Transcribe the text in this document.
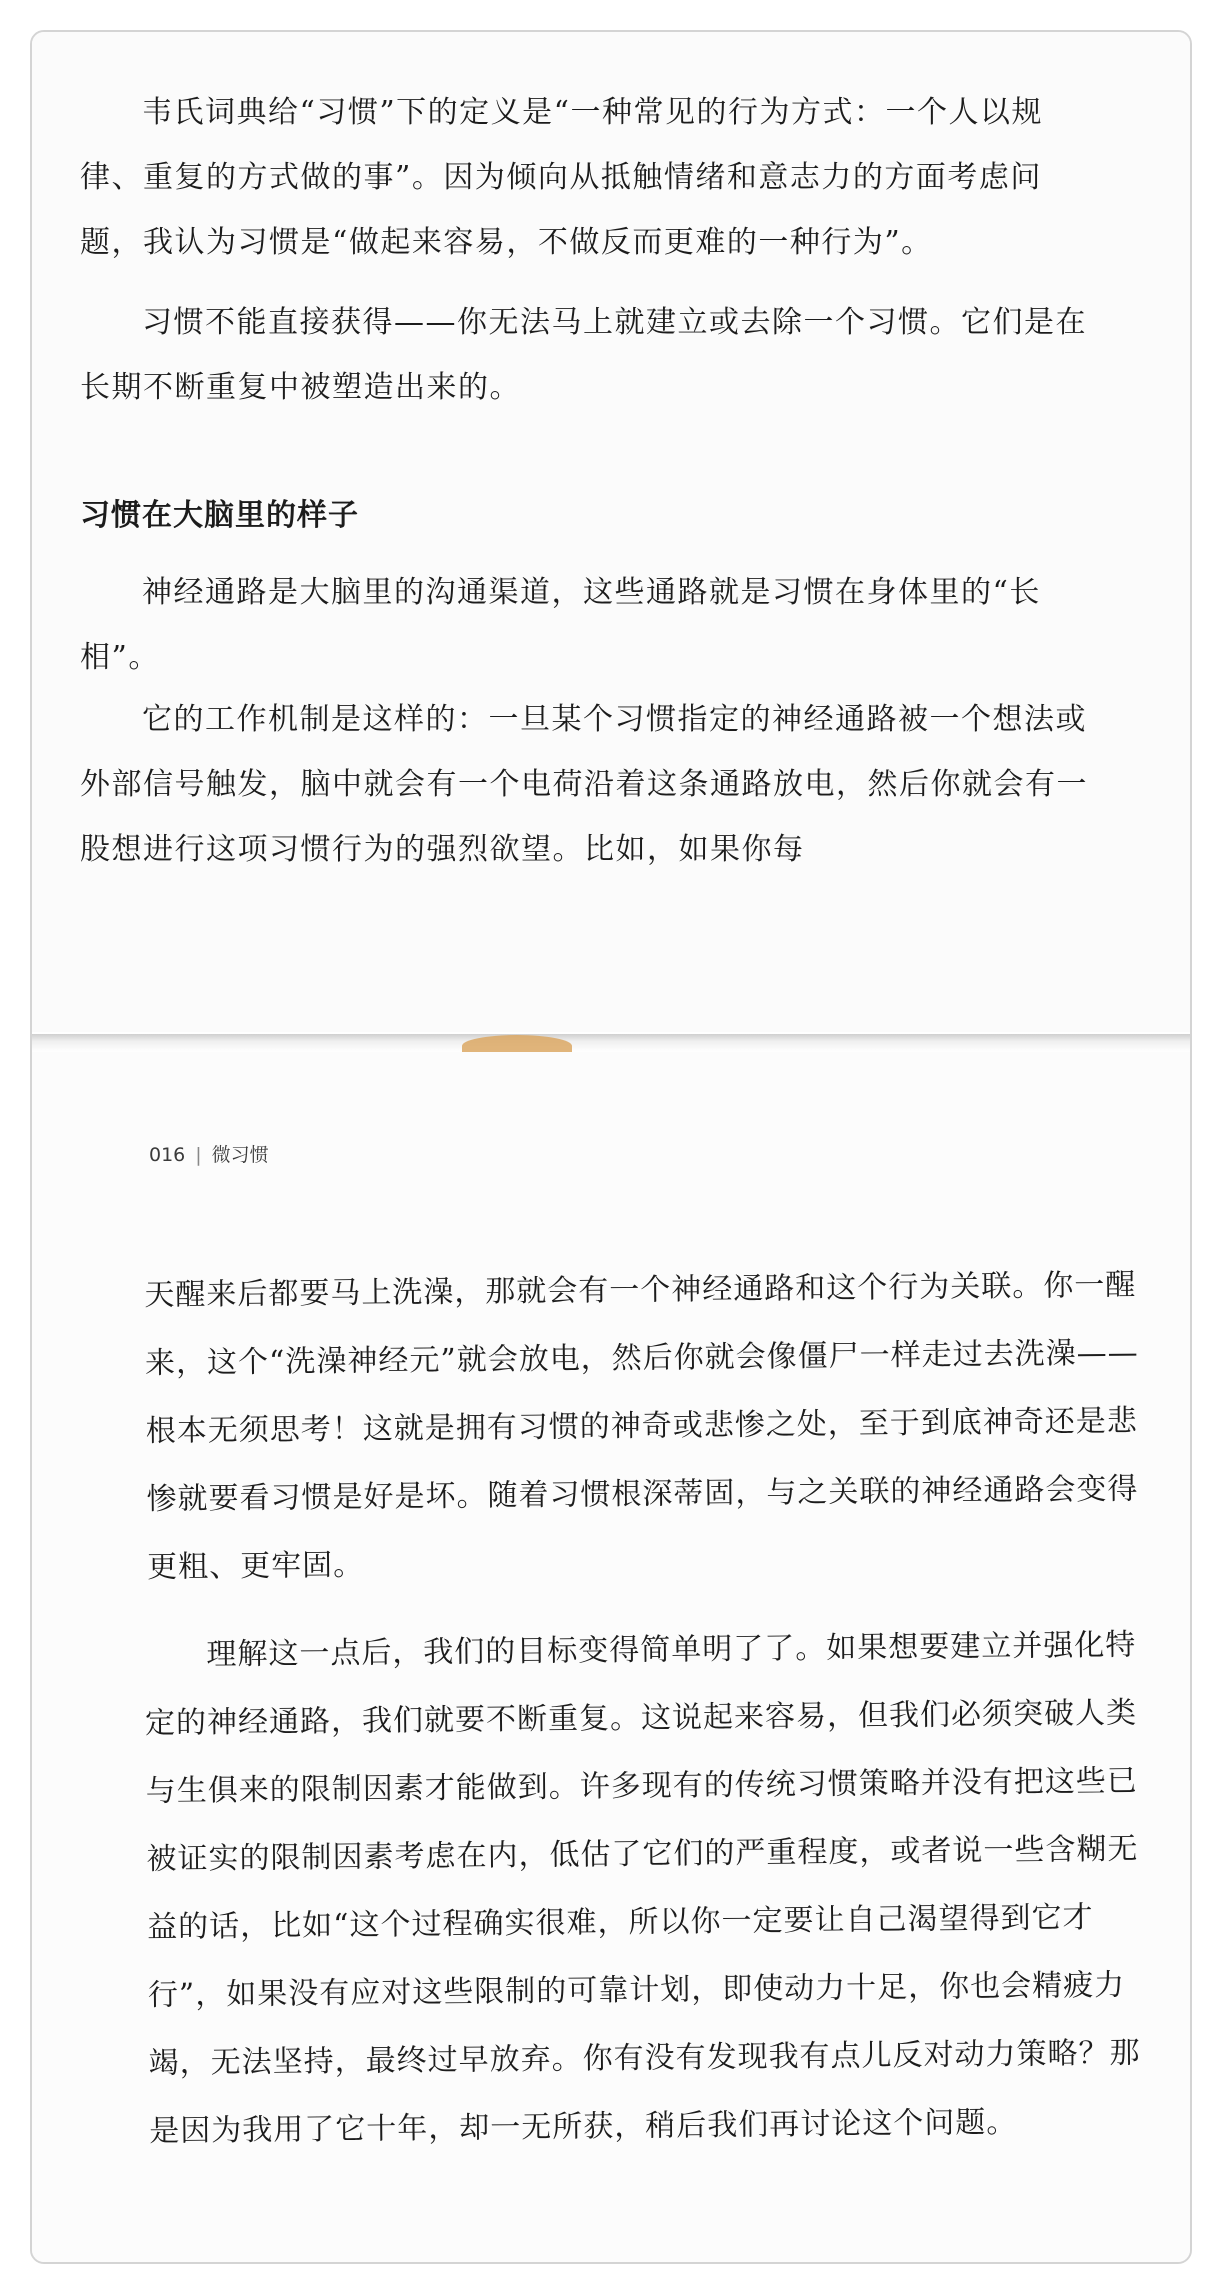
韦氏词典给“习惯”下的定义是“一种常见的行为方式：一个人以规律、重复的方式做的事”。因为倾向从抵触情绪和意志力的方面考虑问题，我认为习惯是“做起来容易，不做反而更难的一种行为”。

习惯不能直接获得——你无法马上就建立或去除一个习惯。它们是在长期不断重复中被塑造出来的。

习惯在大脑里的样子

神经通路是大脑里的沟通渠道，这些通路就是习惯在身体里的“长相”。

它的工作机制是这样的：一旦某个习惯指定的神经通路被一个想法或外部信号触发，脑中就会有一个电荷沿着这条通路放电，然后你就会有一股想进行这项习惯行为的强烈欲望。比如，如果你每

016 | 微习惯

天醒来后都要马上洗澡，那就会有一个神经通路和这个行为关联。你一醒来，这个“洗澡神经元”就会放电，然后你就会像僵尸一样走过去洗澡——根本无须思考！这就是拥有习惯的神奇或悲惨之处，至于到底神奇还是悲惨就要看习惯是好是坏。随着习惯根深蒂固，与之关联的神经通路会变得更粗、更牢固。

理解这一点后，我们的目标变得简单明了了。如果想要建立并强化特定的神经通路，我们就要不断重复。这说起来容易，但我们必须突破人类与生俱来的限制因素才能做到。许多现有的传统习惯策略并没有把这些已被证实的限制因素考虑在内，低估了它们的严重程度，或者说一些含糊无益的话，比如“这个过程确实很难，所以你一定要让自己渴望得到它才行”，如果没有应对这些限制的可靠计划，即使动力十足，你也会精疲力竭，无法坚持，最终过早放弃。你有没有发现我有点儿反对动力策略？那是因为我用了它十年，却一无所获，稍后我们再讨论这个问题。
